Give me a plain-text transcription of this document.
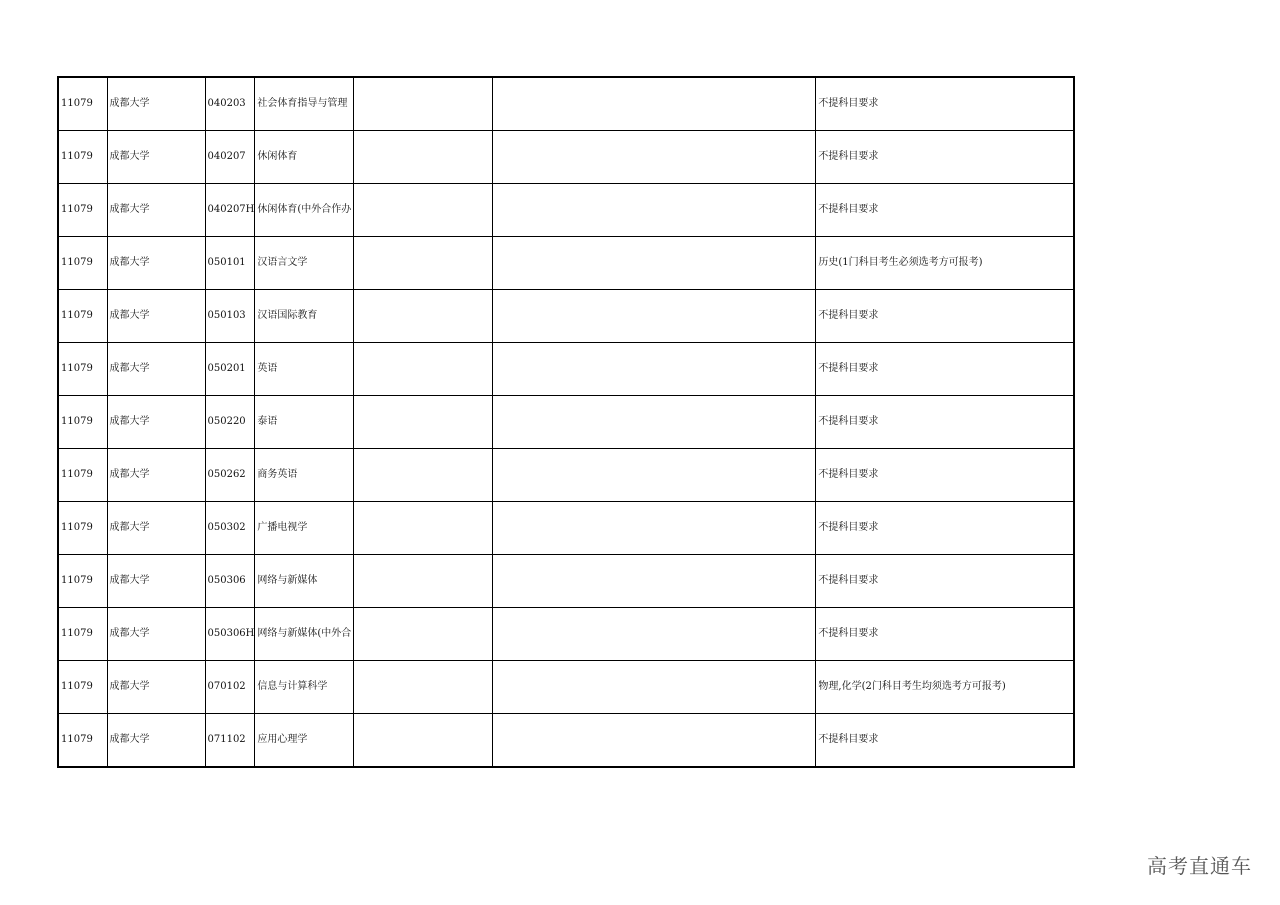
11079	成都大学	040203	社会体育指导与管理			不提科目要求
11079	成都大学	040207	休闲体育			不提科目要求
11079	成都大学	040207H	休闲体育(中外合作办			不提科目要求
11079	成都大学	050101	汉语言文学			历史(1门科目考生必须选考方可报考)
11079	成都大学	050103	汉语国际教育			不提科目要求
11079	成都大学	050201	英语			不提科目要求
11079	成都大学	050220	泰语			不提科目要求
11079	成都大学	050262	商务英语			不提科目要求
11079	成都大学	050302	广播电视学			不提科目要求
11079	成都大学	050306	网络与新媒体			不提科目要求
11079	成都大学	050306H	网络与新媒体(中外合			不提科目要求
11079	成都大学	070102	信息与计算科学			物理,化学(2门科目考生均须选考方可报考)
11079	成都大学	071102	应用心理学			不提科目要求
高考直通车
